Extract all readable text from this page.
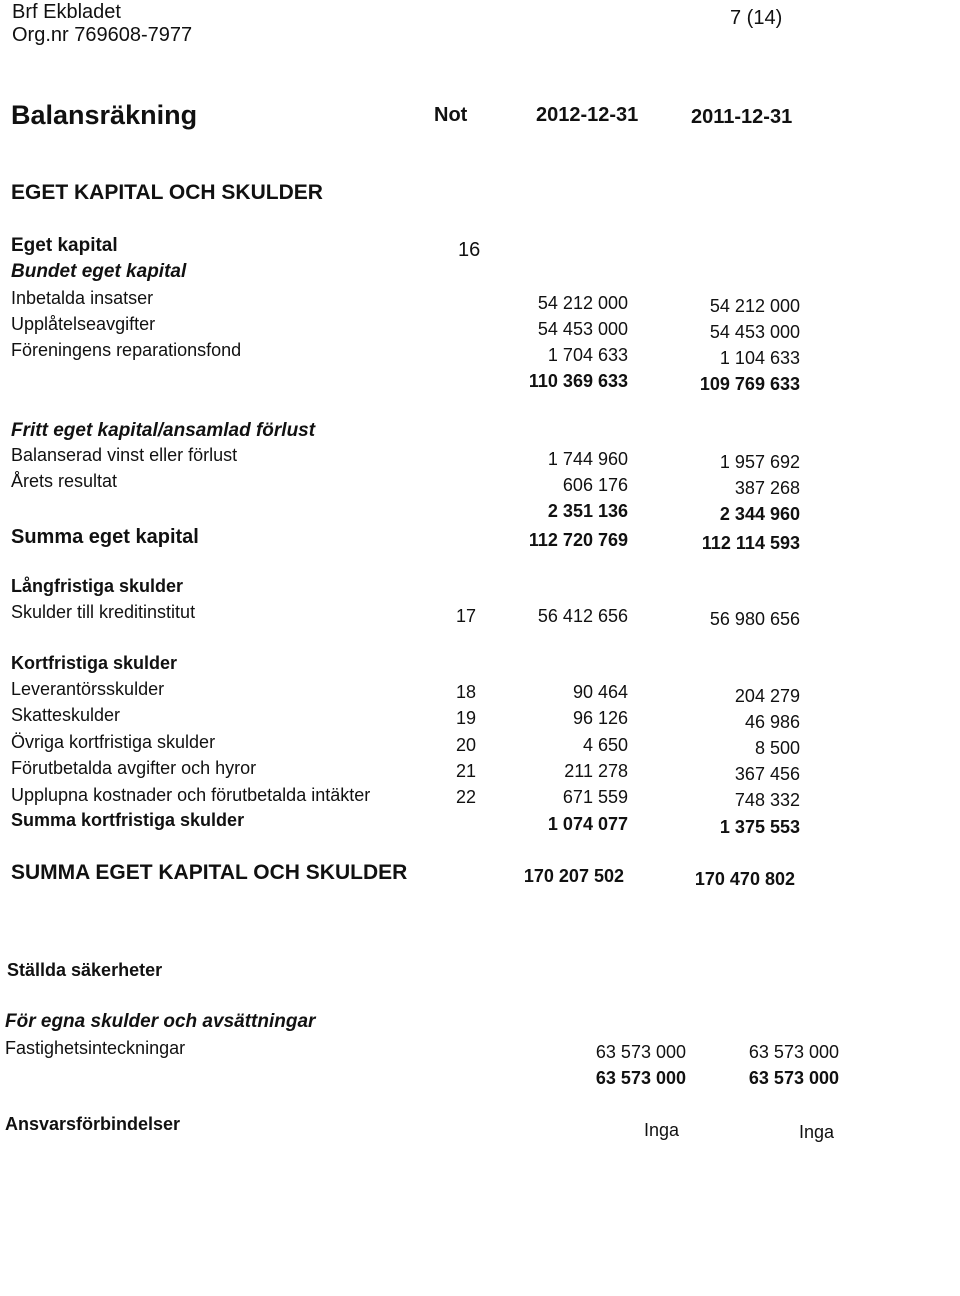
Brf Ekbladet
Org.nr 769608-7977
7 (14)
Balansräkning	Not	2012-12-31	2011-12-31
EGET KAPITAL OCH SKULDER
Eget kapital	16
Bundet eget kapital
Inbetalda insatser	54 212 000	54 212 000
Upplåtelseavgifter	54 453 000	54 453 000
Föreningens reparationsfond	1 704 633	1 104 633
110 369 633	109 769 633
Fritt eget kapital/ansamlad förlust
Balanserad vinst eller förlust	1 744 960	1 957 692
Årets resultat	606 176	387 268
2 351 136	2 344 960
Summa eget kapital	112 720 769	112 114 593
Långfristiga skulder
Skulder till kreditinstitut	17	56 412 656	56 980 656
Kortfristiga skulder
Leverantörsskulder	18	90 464	204 279
Skatteskulder	19	96 126	46 986
Övriga kortfristiga skulder	20	4 650	8 500
Förutbetalda avgifter och hyror	21	211 278	367 456
Upplupna kostnader och förutbetalda intäkter	22	671 559	748 332
Summa kortfristiga skulder	1 074 077	1 375 553
SUMMA EGET KAPITAL OCH SKULDER	170 207 502	170 470 802
Ställda säkerheter
För egna skulder och avsättningar
Fastighetsinteckningar	63 573 000	63 573 000
63 573 000	63 573 000
Ansvarsförbindelser	Inga	Inga
